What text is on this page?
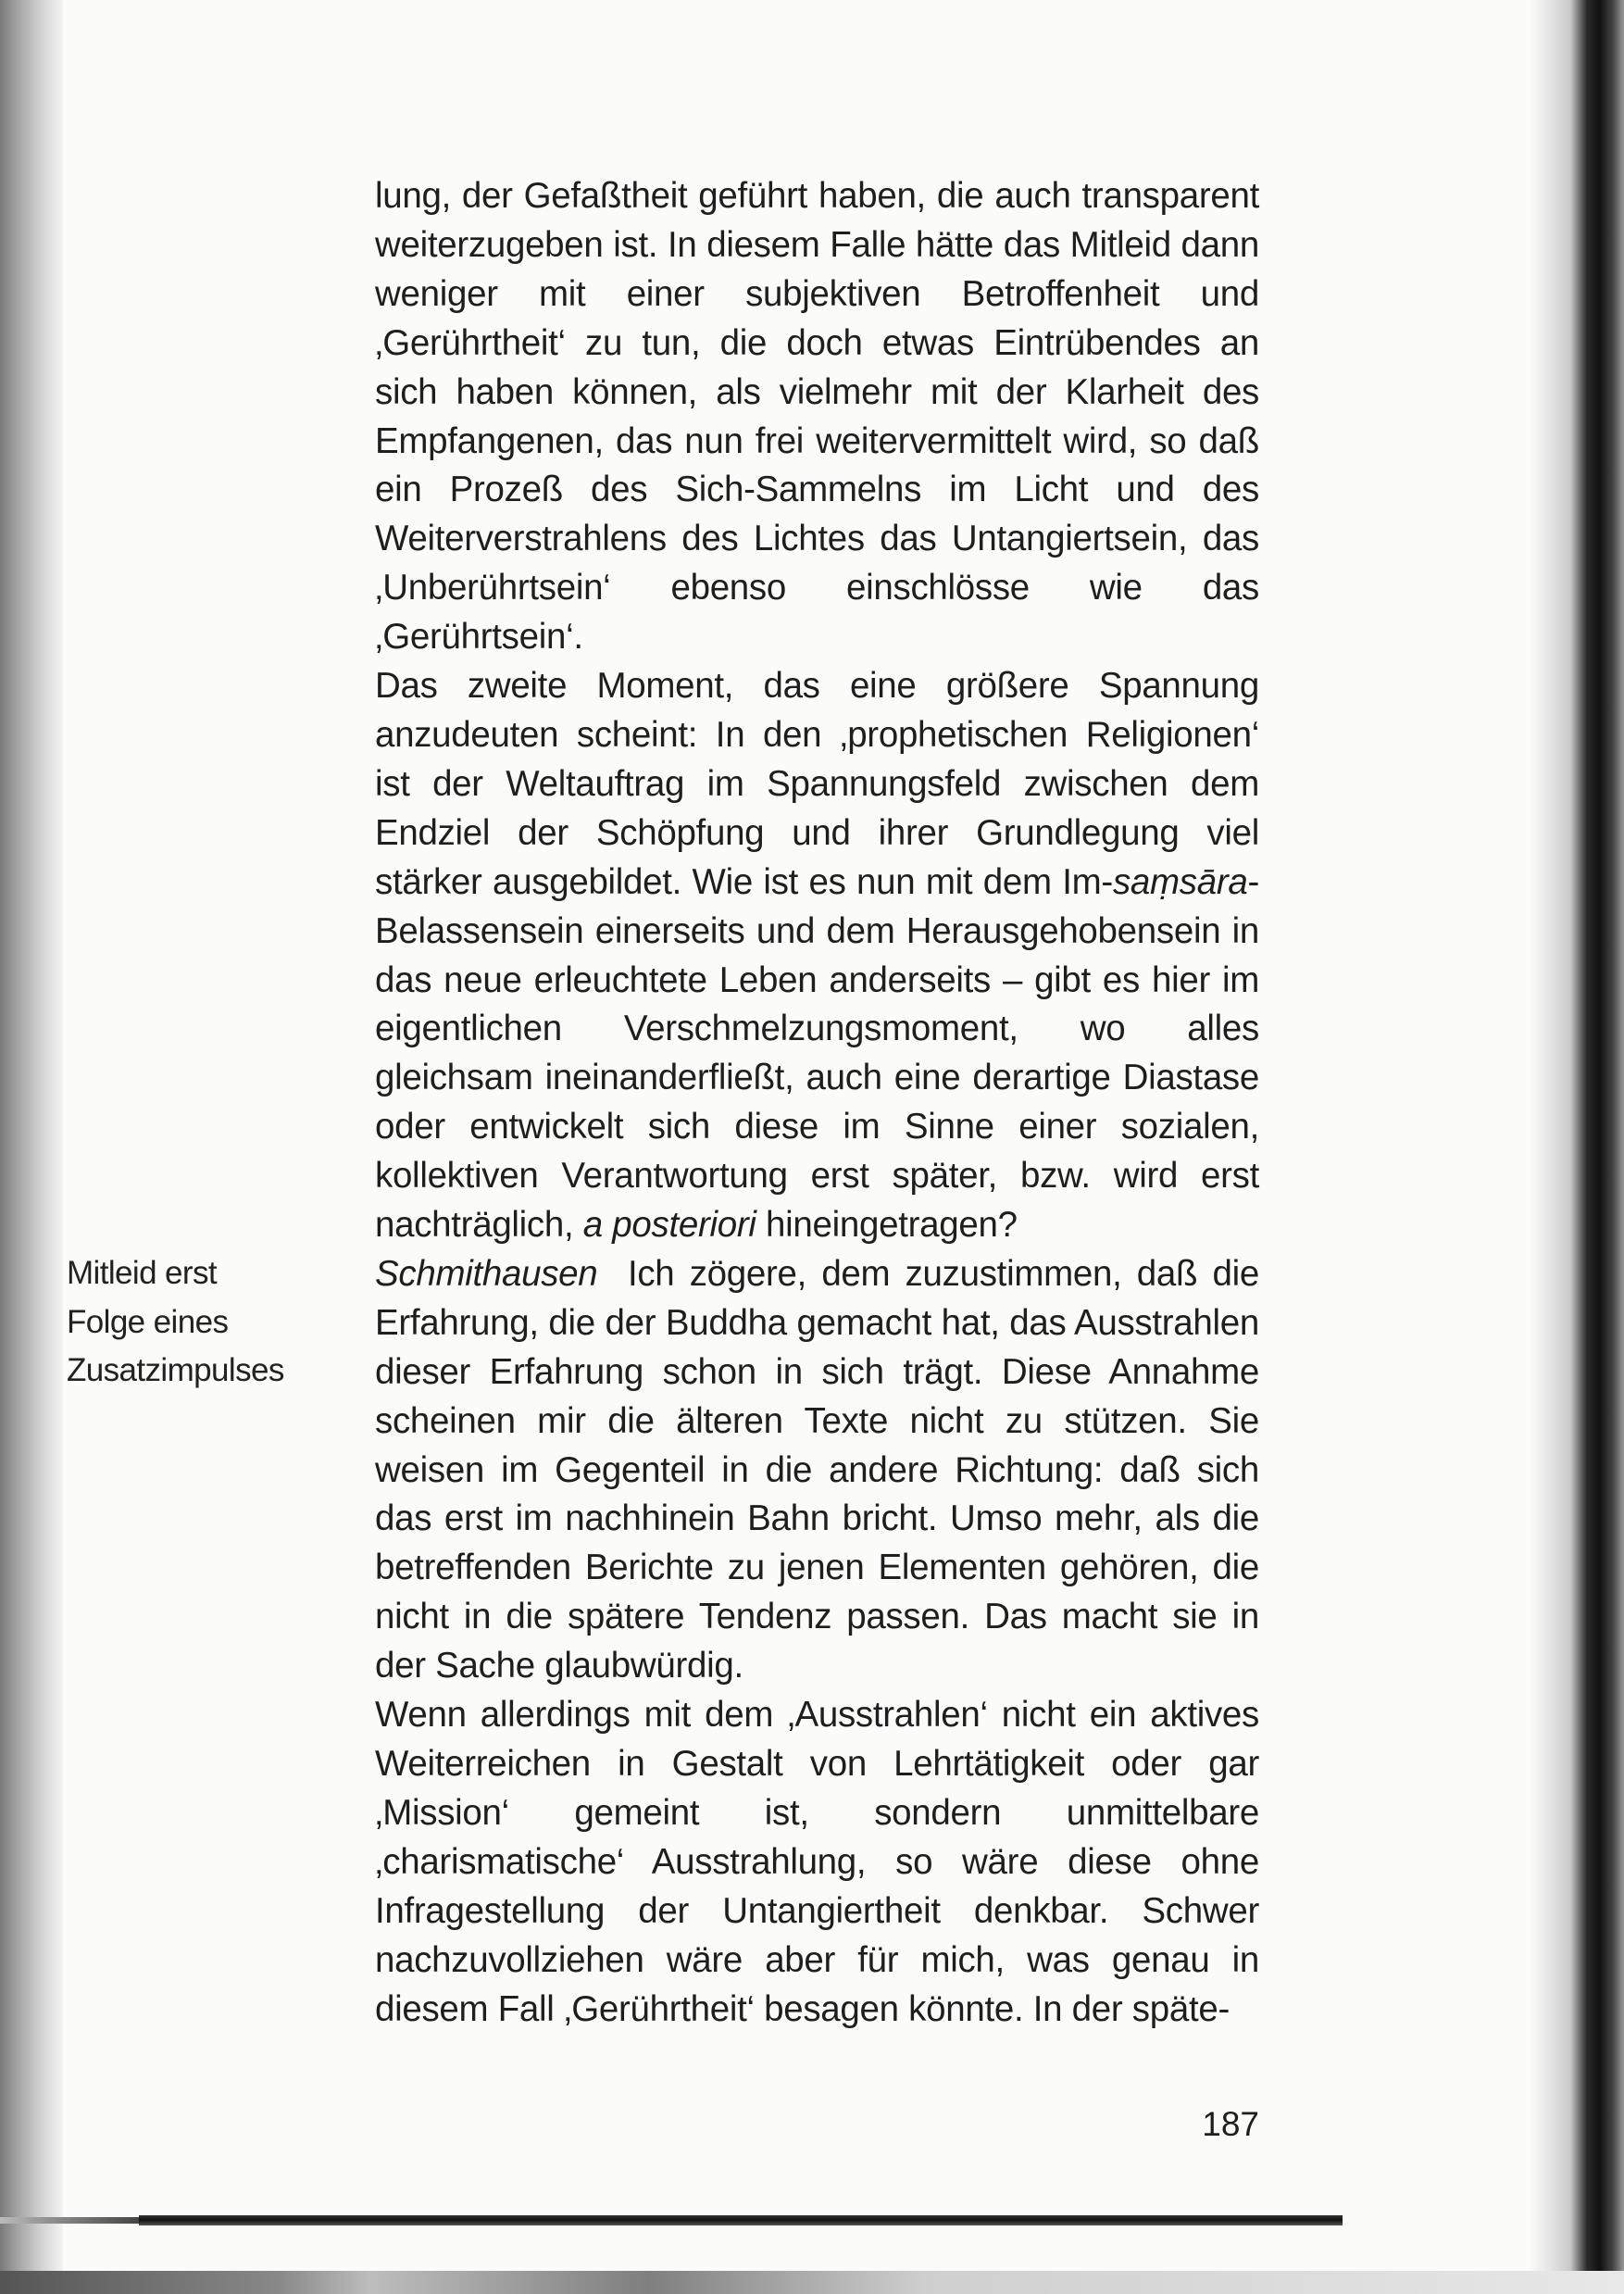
Mitleid erst
Folge eines
Zusatzimpulses

lung, der Gefaßtheit geführt haben, die auch transparent weiterzugeben ist. In diesem Falle hätte das Mitleid dann weniger mit einer subjektiven Betroffenheit und ‚Gerührtheit‘ zu tun, die doch etwas Eintrübendes an sich haben können, als vielmehr mit der Klarheit des Empfangenen, das nun frei weitervermittelt wird, so daß ein Prozeß des Sich-Sammelns im Licht und des Weiterverstrahlens des Lichtes das Untangiertsein, das ‚Unberührtsein‘ ebenso einschlösse wie das ‚Gerührtsein‘.

Das zweite Moment, das eine größere Spannung anzudeuten scheint: In den ‚prophetischen Religionen‘ ist der Weltauftrag im Spannungsfeld zwischen dem Endziel der Schöpfung und ihrer Grundlegung viel stärker ausgebildet. Wie ist es nun mit dem Im-saṃsāra-Belassensein einerseits und dem Herausgehobensein in das neue erleuchtete Leben anderseits – gibt es hier im eigentlichen Verschmelzungsmoment, wo alles gleichsam ineinanderfließt, auch eine derartige Diastase oder entwickelt sich diese im Sinne einer sozialen, kollektiven Verantwortung erst später, bzw. wird erst nachträglich, a posteriori hineingetragen?

Schmithausen  Ich zögere, dem zuzustimmen, daß die Erfahrung, die der Buddha gemacht hat, das Ausstrahlen dieser Erfahrung schon in sich trägt. Diese Annahme scheinen mir die älteren Texte nicht zu stützen. Sie weisen im Gegenteil in die andere Richtung: daß sich das erst im nachhinein Bahn bricht. Umso mehr, als die betreffenden Berichte zu jenen Elementen gehören, die nicht in die spätere Tendenz passen. Das macht sie in der Sache glaubwürdig.

Wenn allerdings mit dem ‚Ausstrahlen‘ nicht ein aktives Weiterreichen in Gestalt von Lehrtätigkeit oder gar ‚Mission‘ gemeint ist, sondern unmittelbare ‚charismatische‘ Ausstrahlung, so wäre diese ohne Infragestellung der Untangiertheit denkbar. Schwer nachzuvollziehen wäre aber für mich, was genau in diesem Fall ‚Gerührtheit‘ besagen könnte. In der späte-

187
